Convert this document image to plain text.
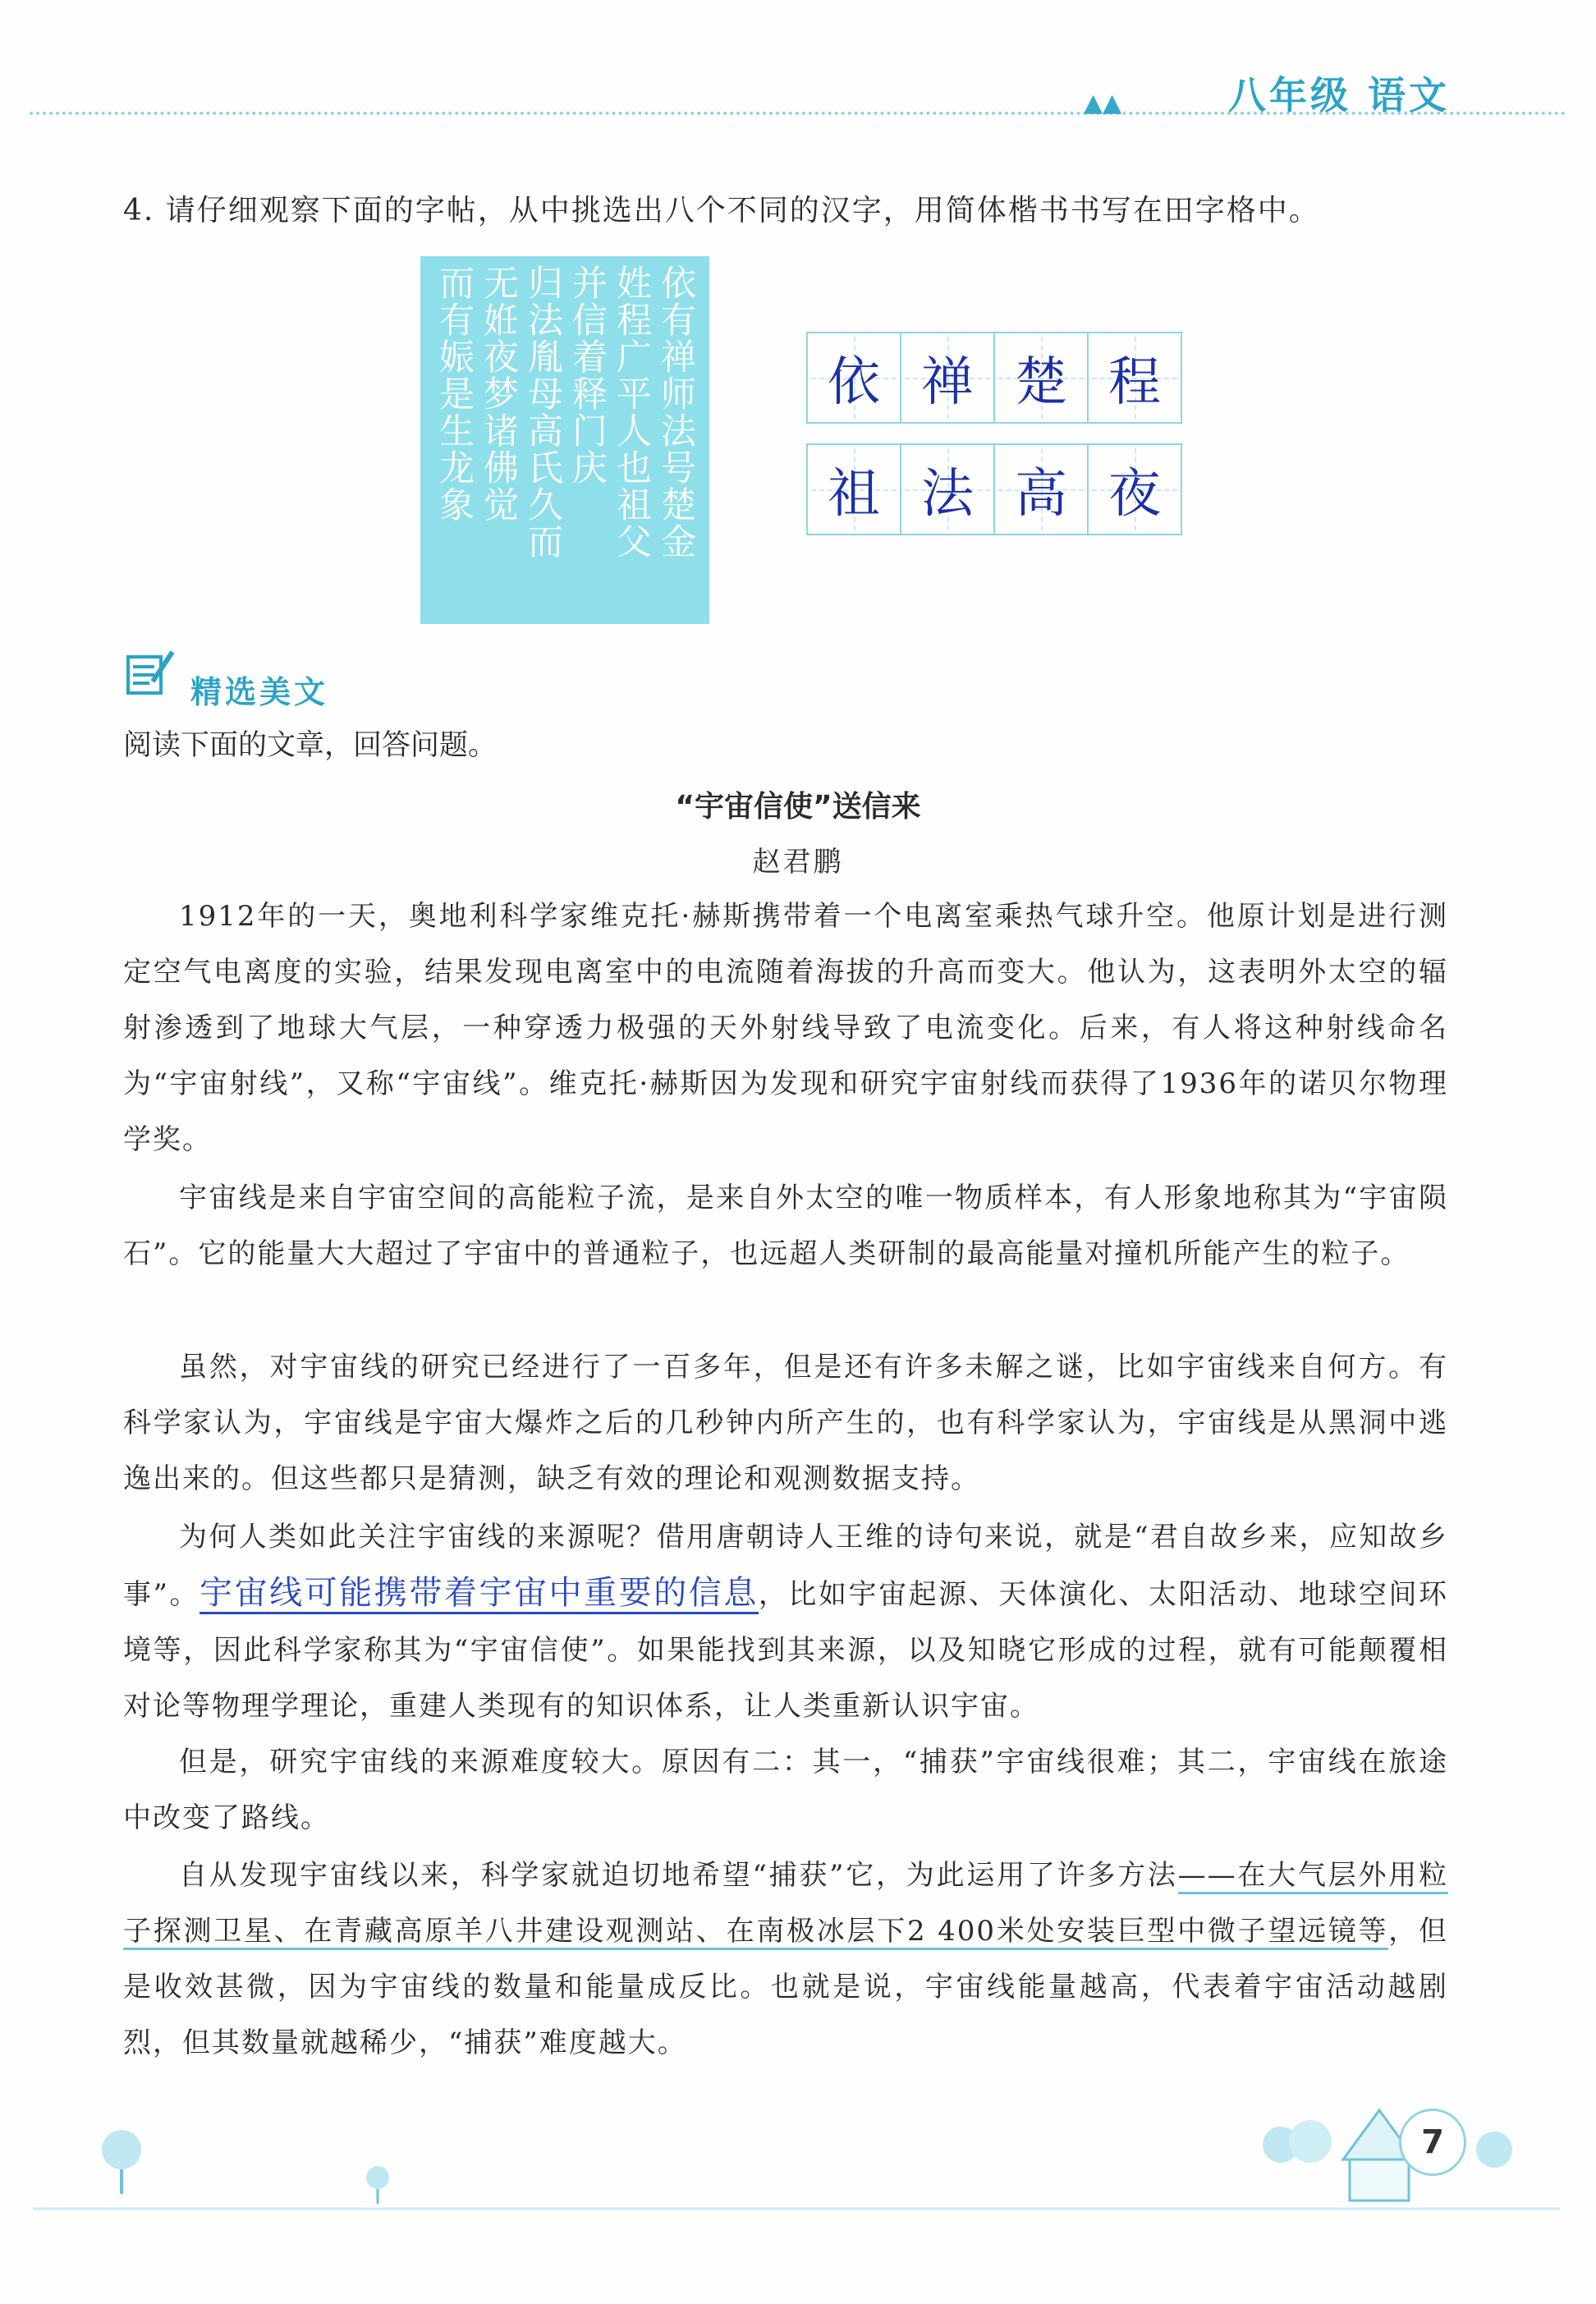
▲▲	八年级 语文
4. 请仔细观察下面的字帖，从中挑选出八个不同的汉字，用简体楷书书写在田字格中。
依有禅师法号楚金
姓程广平人也祖父
并信着释门庆
归法胤母高氏久而
无姙夜梦诸佛觉
而有娠是生龙象	依 禅 楚 程
祖 法 高 夜
精选美文
阅读下面的文章，回答问题。
“宇宙信使”送信来
赵君鹏

1912年的一天，奥地利科学家维克托·赫斯携带着一个电离室乘热气球升空。他原计划是进行测定空气电离度的实验，结果发现电离室中的电流随着海拔的升高而变大。他认为，这表明外太空的辐射渗透到了地球大气层，一种穿透力极强的天外射线导致了电流变化。后来，有人将这种射线命名为“宇宙射线”，又称“宇宙线”。维克托·赫斯因为发现和研究宇宙射线而获得了1936年的诺贝尔物理学奖。

宇宙线是来自宇宙空间的高能粒子流，是来自外太空的唯一物质样本，有人形象地称其为“宇宙陨石”。它的能量大大超过了宇宙中的普通粒子，也远超人类研制的最高能量对撞机所能产生的粒子。

虽然，对宇宙线的研究已经进行了一百多年，但是还有许多未解之谜，比如宇宙线来自何方。有科学家认为，宇宙线是宇宙大爆炸之后的几秒钟内所产生的，也有科学家认为，宇宙线是从黑洞中逃逸出来的。但这些都只是猜测，缺乏有效的理论和观测数据支持。

为何人类如此关注宇宙线的来源呢？借用唐朝诗人王维的诗句来说，就是“君自故乡来，应知故乡事”。宇宙线可能携带着宇宙中重要的信息，比如宇宙起源、天体演化、太阳活动、地球空间环境等，因此科学家称其为“宇宙信使”。如果能找到其来源，以及知晓它形成的过程，就有可能颠覆相对论等物理学理论，重建人类现有的知识体系，让人类重新认识宇宙。

但是，研究宇宙线的来源难度较大。原因有二：其一，“捕获”宇宙线很难；其二，宇宙线在旅途中改变了路线。

自从发现宇宙线以来，科学家就迫切地希望“捕获”它，为此运用了许多方法——在大气层外用粒子探测卫星、在青藏高原羊八井建设观测站、在南极冰层下2 400米处安装巨型中微子望远镜等，但是收效甚微，因为宇宙线的数量和能量成反比。也就是说，宇宙线能量越高，代表着宇宙活动越剧烈，但其数量就越稀少，“捕获”难度越大。

7
